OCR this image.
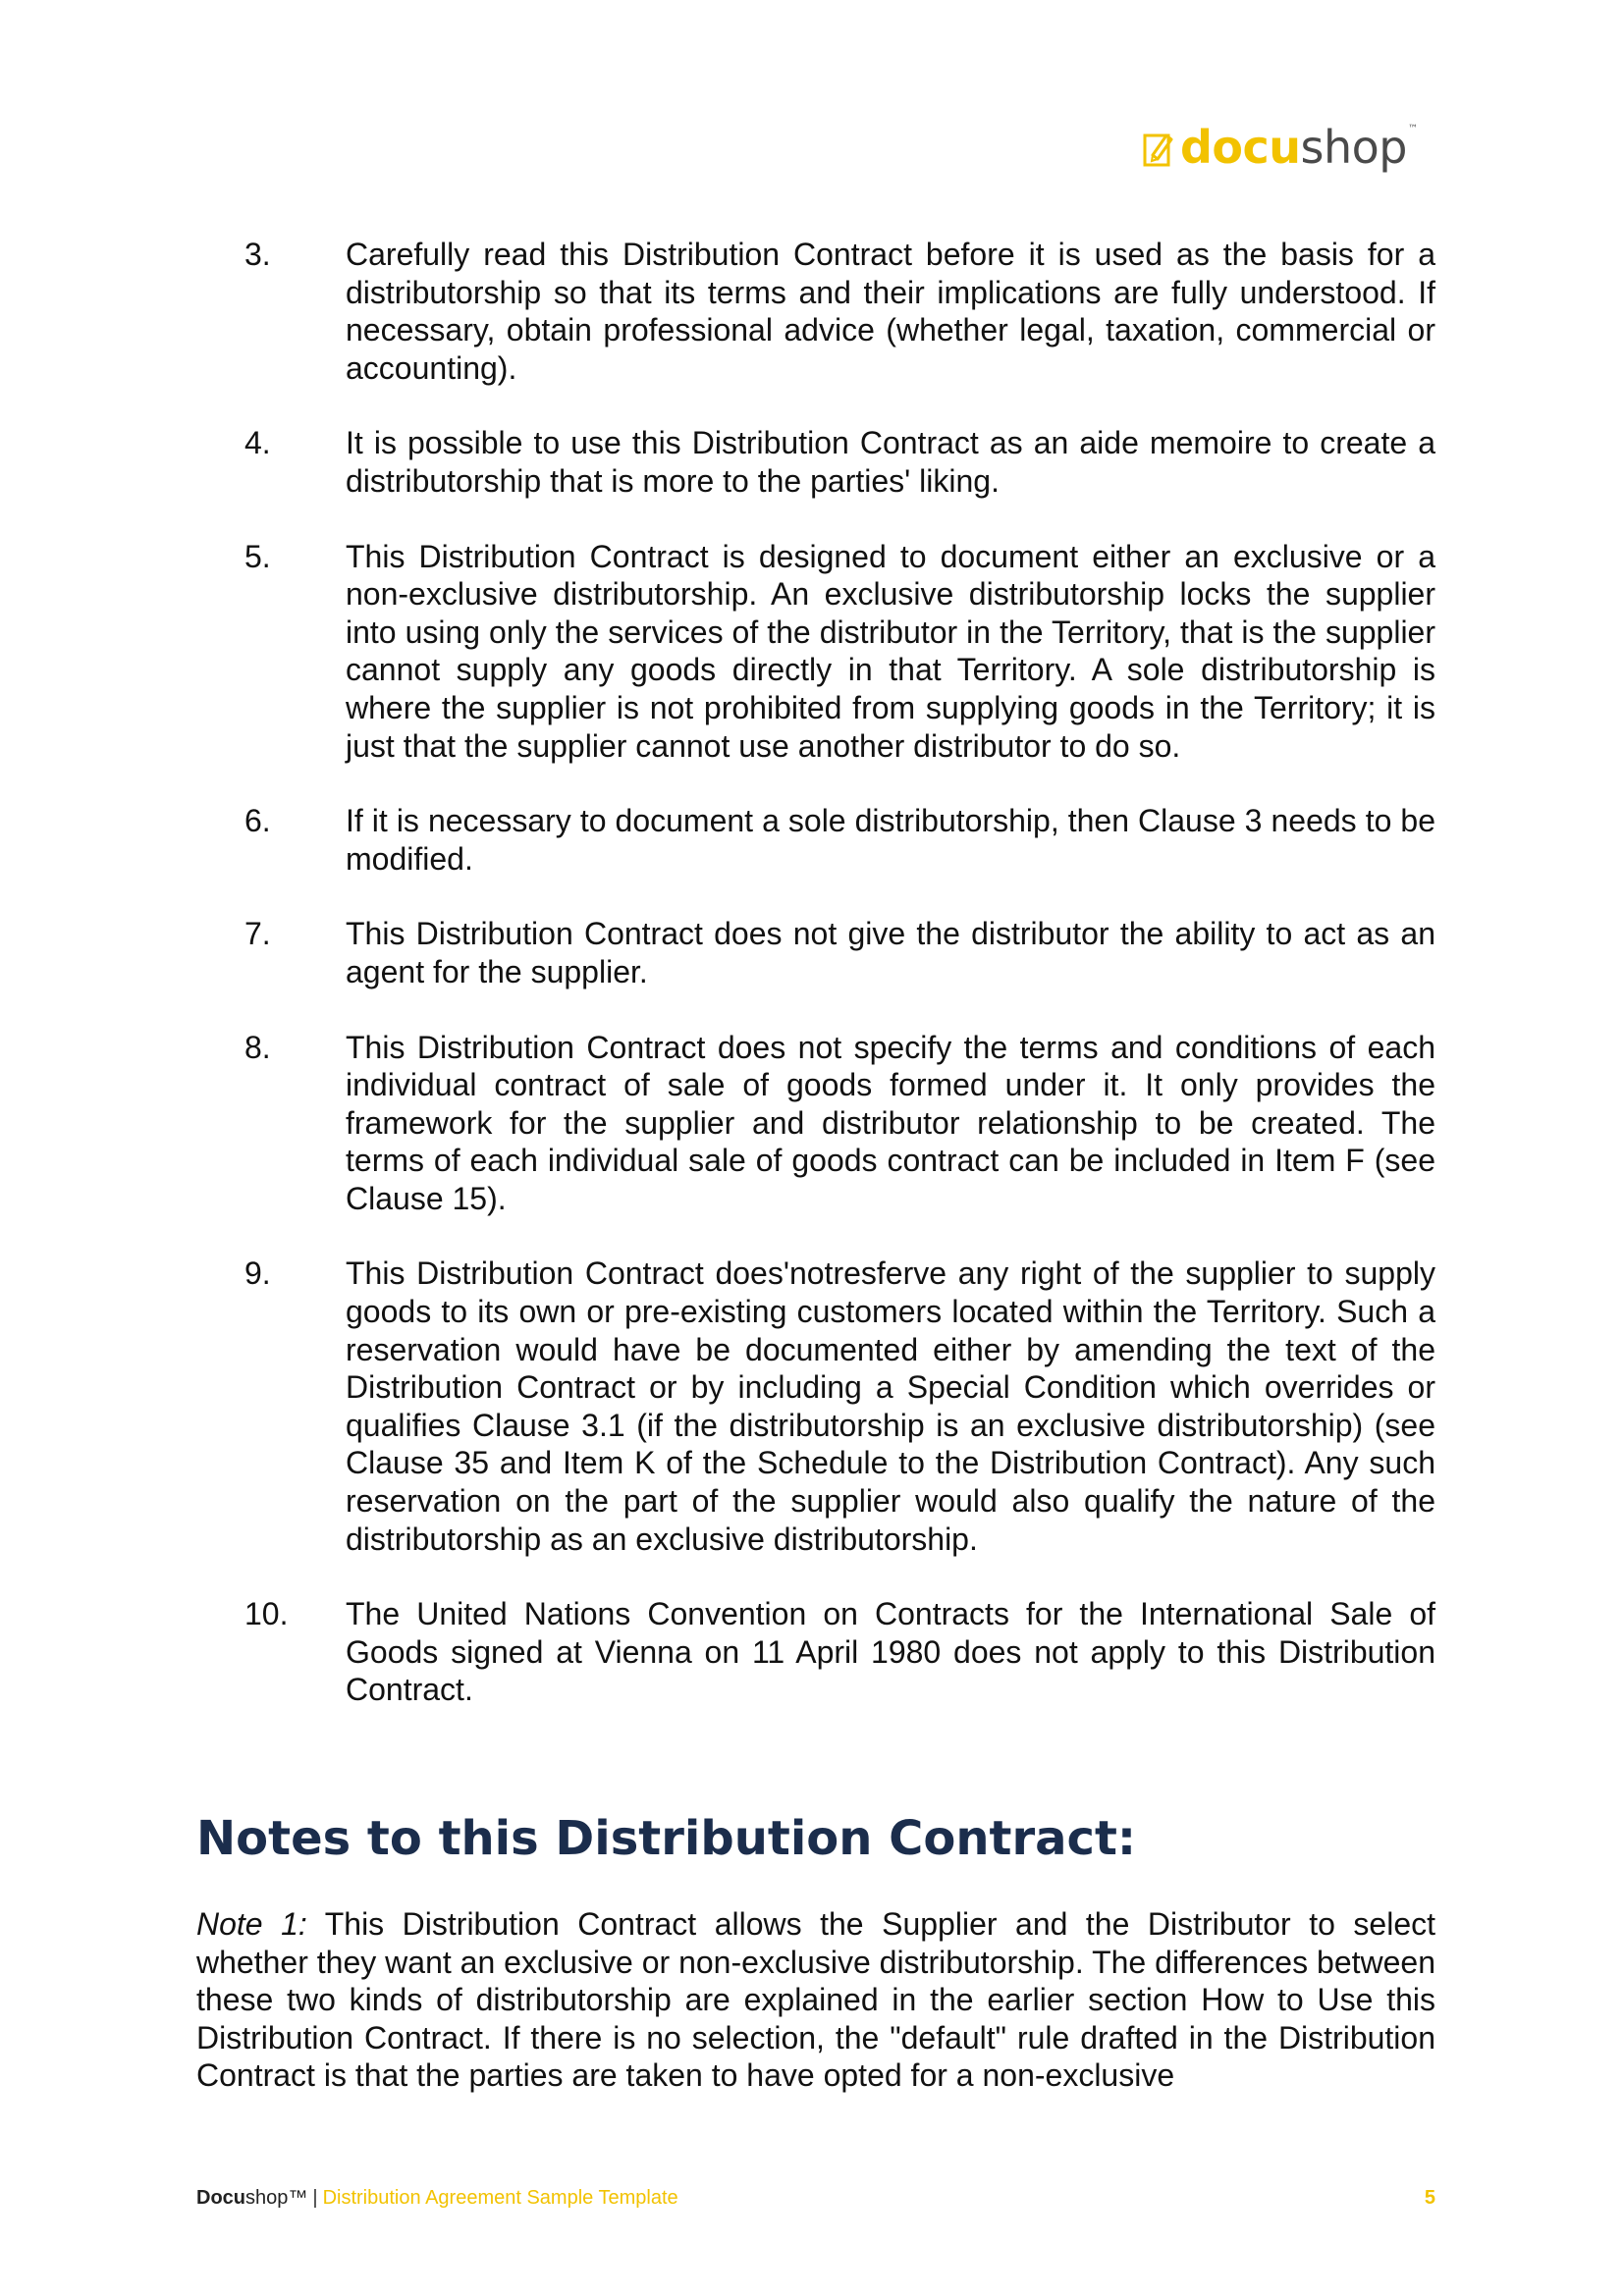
docushop ™
3.	Carefully read this Distribution Contract before it is used as the basis for a distributorship so that its terms and their implications are fully understood. If necessary, obtain professional advice (whether legal, taxation, commercial or accounting).
4.	It is possible to use this Distribution Contract as an aide memoire to create a distributorship that is more to the parties' liking.
5.	This Distribution Contract is designed to document either an exclusive or a non-exclusive distributorship. An exclusive distributorship locks the supplier into using only the services of the distributor in the Territory, that is the supplier cannot supply any goods directly in that Territory. A sole distributorship is where the supplier is not prohibited from supplying goods in the Territory; it is just that the supplier cannot use another distributor to do so.
6.	If it is necessary to document a sole distributorship, then Clause 3 needs to be modified.
7.	This Distribution Contract does not give the distributor the ability to act as an agent for the supplier.
8.	This Distribution Contract does not specify the terms and conditions of each individual contract of sale of goods formed under it. It only provides the framework for the supplier and distributor relationship to be created. The terms of each individual sale of goods contract can be included in Item F (see Clause 15).
9.	This Distribution Contract does'notresferve any right of the supplier to supply goods to its own or pre-existing customers located within the Territory. Such a reservation would have be documented either by amending the text of the Distribution Contract or by including a Special Condition which overrides or qualifies Clause 3.1 (if the distributorship is an exclusive distributorship) (see Clause 35 and Item K of the Schedule to the Distribution Contract). Any such reservation on the part of the supplier would also qualify the nature of the distributorship as an exclusive distributorship.
10.	The United Nations Convention on Contracts for the International Sale of Goods signed at Vienna on 11 April 1980 does not apply to this Distribution Contract.
Notes to this Distribution Contract:

Note 1: This Distribution Contract allows the Supplier and the Distributor to select whether they want an exclusive or non-exclusive distributorship. The differences between these two kinds of distributorship are explained in the earlier section How to Use this Distribution Contract. If there is no selection, the "default" rule drafted in the Distribution Contract is that the parties are taken to have opted for a non-exclusive

Docu shop™ | Distribution Agreement Sample Template	5
